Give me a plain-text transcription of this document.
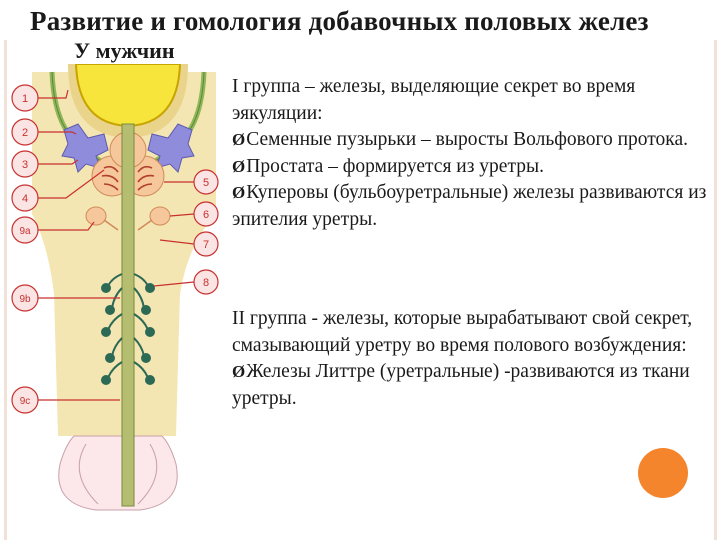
Развитие и гомология добавочных половых желез
У мужчин
1
2
3
4
9a
9b
9c
5
6
7
8

I группа – железы, выделяющие секрет во время эякуляции:

ØСеменные пузырьки – выросты Вольфового протока.

ØПростата – формируется из уретры.

ØКуперовы (бульбоуретральные) железы развиваются из эпителия уретры.

II группа - железы, которые вырабатывают свой секрет, смазывающий уретру во время полового возбуждения:

ØЖелезы Литтре (уретральные) -развиваются из ткани уретры.
